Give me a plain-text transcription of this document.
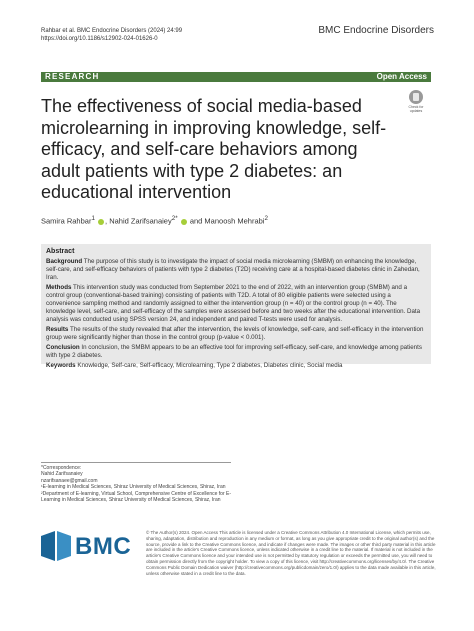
Rahbar et al. BMC Endocrine Disorders (2024) 24:99
https://doi.org/10.1186/s12902-024-01626-0
BMC Endocrine Disorders
RESEARCH	Open Access
Check for updates
The effectiveness of social media-based microlearning in improving knowledge, self-efficacy, and self-care behaviors among adult patients with type 2 diabetes: an educational intervention
Samira Rahbar$^1$ , Nahid Zarifsanaiey$^{2*}$  and Manoosh Mehrabi$^2$
Abstract

Background The purpose of this study is to investigate the impact of social media microlearning (SMBM) on enhancing the knowledge, self-care, and self-efficacy behaviors of patients with type 2 diabetes (T2D) receiving care at a hospital-based diabetes clinic in Zahedan, Iran.

Methods This intervention study was conducted from September 2021 to the end of 2022, with an intervention group (SMBM) and a control group (conventional-based training) consisting of patients with T2D. A total of 80 eligible patients were selected using a convenience sampling method and randomly assigned to either the intervention group (n = 40) or the control group (n = 40). The knowledge level, self-care, and self-efficacy of the samples were assessed before and two weeks after the educational intervention. Data analysis was conducted using SPSS version 24, and independent and paired T-tests were used for analysis.

Results The results of the study revealed that after the intervention, the levels of knowledge, self-care, and self-efficacy in the intervention group were significantly higher than those in the control group (p-value < 0.001).

Conclusion In conclusion, the SMBM appears to be an effective tool for improving self-efficacy, self-care, and knowledge among patients with type 2 diabetes.

Keywords Knowledge, Self-care, Self-efficacy, Microlearning, Type 2 diabetes, Diabetes clinic, Social media

*Correspondence:
Nahid Zarifsanaiey
nzarifsanaee@gmail.com
¹E-learning in Medical Sciences, Shiraz University of Medical Sciences, Shiraz, Iran
²Department of E-learning, Virtual School, Comprehensive Centre of Excellence for E-Learning in Medical Sciences, Shiraz University of Medical Sciences, Shiraz, Iran
BMC
© The Author(s) 2024. Open Access This article is licensed under a Creative Commons Attribution 4.0 International License, which permits use, sharing, adaptation, distribution and reproduction in any medium or format, as long as you give appropriate credit to the original author(s) and the source, provide a link to the Creative Commons licence, and indicate if changes were made. The images or other third party material in this article are included in the article's Creative Commons licence, unless indicated otherwise in a credit line to the material. If material is not included in the article's Creative Commons licence and your intended use is not permitted by statutory regulation or exceeds the permitted use, you will need to obtain permission directly from the copyright holder. To view a copy of this licence, visit http://creativecommons.org/licenses/by/4.0/. The Creative Commons Public Domain Dedication waiver (http://creativecommons.org/publicdomain/zero/1.0/) applies to the data made available in this article, unless otherwise stated in a credit line to the data.
